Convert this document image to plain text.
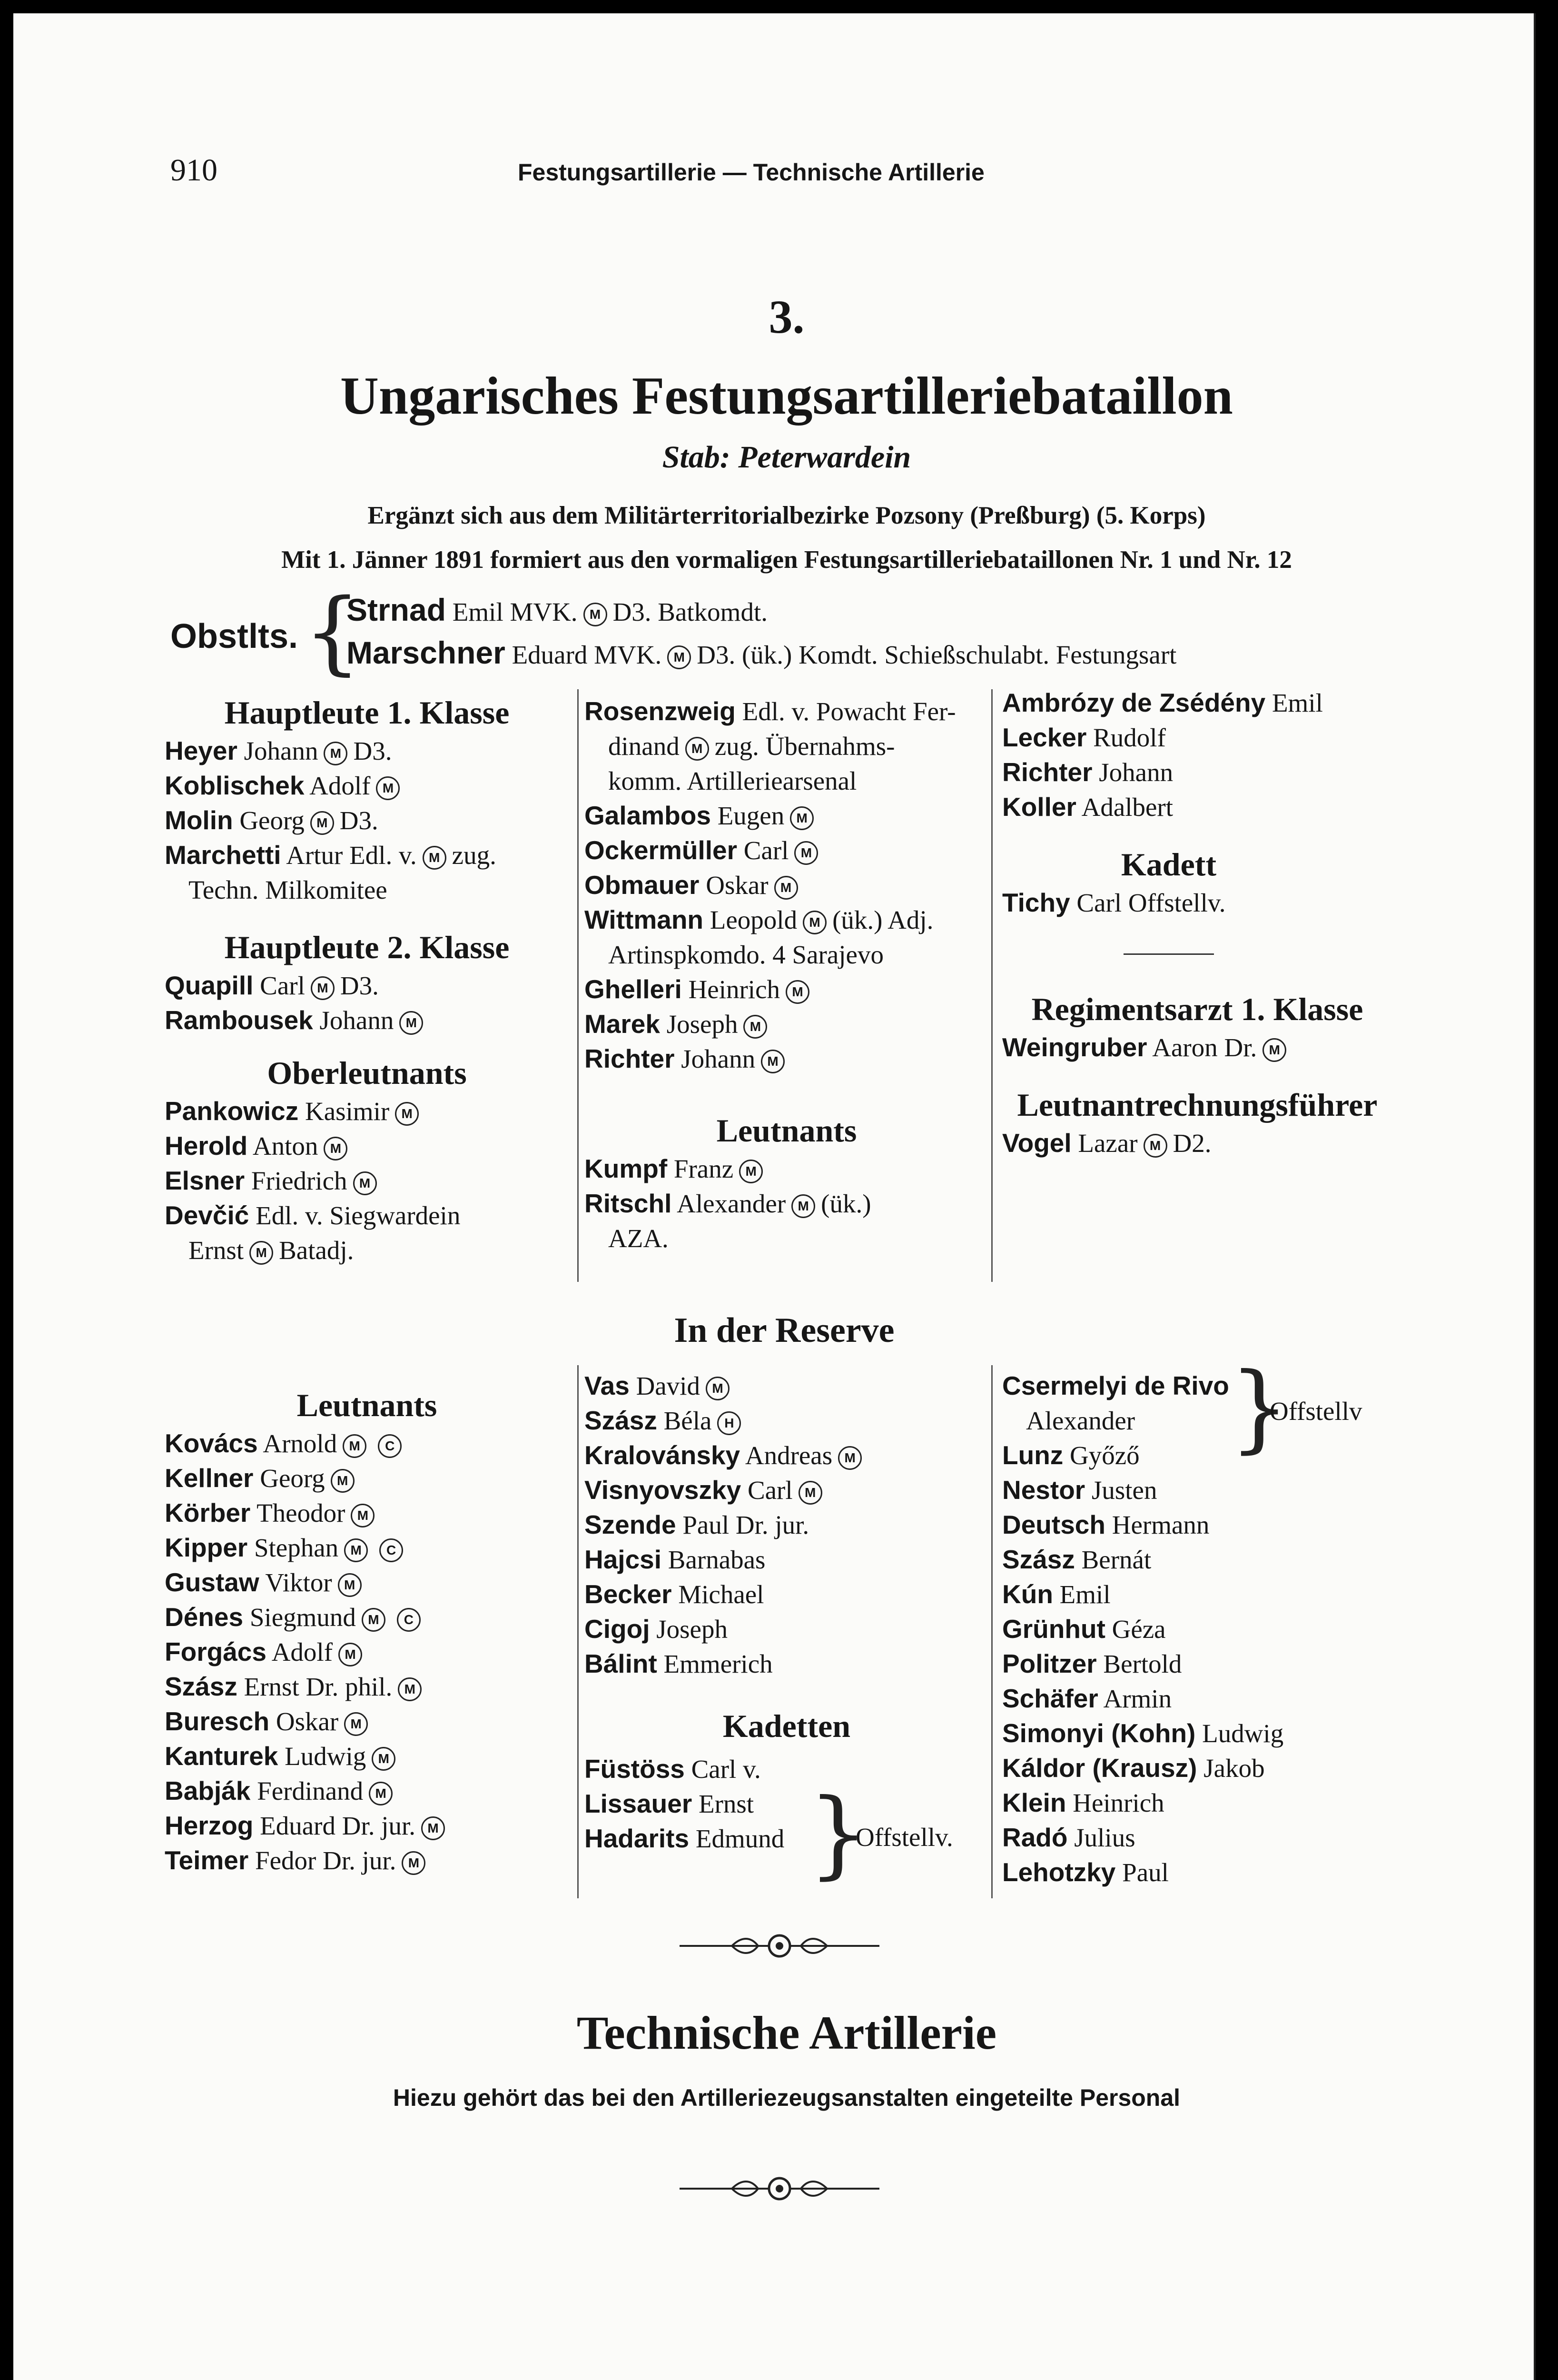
910	Festungsartillerie — Technische Artillerie
3.
Ungarisches Festungsartilleriebataillon
Stab: Peterwardein
Ergänzt sich aus dem Militärterritorialbezirke Pozsony (Preßburg) (5. Korps)
Mit 1. Jänner 1891 formiert aus den vormaligen Festungsartilleriebataillonen Nr. 1 und Nr. 12
Obstlts. {
Strnad Emil MVK. M D3. Batkomdt.
Marschner Eduard MVK. M D3. (ük.) Komdt. Schießschulabt. Festungsart
Hauptleute 1. Klasse
Heyer Johann M D3.
Koblischek Adolf M
Molin Georg M D3.
Marchetti Artur Edl. v. M zug.
Techn. Milkomitee
Hauptleute 2. Klasse
Quapill Carl M D3.
Rambousek Johann M
Oberleutnants
Pankowicz Kasimir M
Herold Anton M
Elsner Friedrich M
Devčić Edl. v. Siegwardein
Ernst M Batadj.
Rosenzweig Edl. v. Powacht Fer-
dinand M zug. Übernahms-
komm. Artilleriearsenal
Galambos Eugen M
Ockermüller Carl M
Obmauer Oskar M
Wittmann Leopold M (ük.) Adj.
Artinspkomdo. 4 Sarajevo
Ghelleri Heinrich M
Marek Joseph M
Richter Johann M
Leutnants
Kumpf Franz M
Ritschl Alexander M (ük.)
AZA.
Ambrózy de Zsédény Emil
Lecker Rudolf
Richter Johann
Koller Adalbert
Kadett
Tichy Carl Offstellv.
Regimentsarzt 1. Klasse
Weingruber Aaron Dr. M
Leutnantrechnungsführer
Vogel Lazar M D2.
In der Reserve
Leutnants
Kovács Arnold M C
Kellner Georg M
Körber Theodor M
Kipper Stephan M C
Gustaw Viktor M
Dénes Siegmund M C
Forgács Adolf M
Szász Ernst Dr. phil. M
Buresch Oskar M
Kanturek Ludwig M
Babják Ferdinand M
Herzog Eduard Dr. jur. M
Teimer Fedor Dr. jur. M
Vas David M
Szász Béla H
Kralovánsky Andreas M
Visnyovszky Carl M
Szende Paul Dr. jur.
Hajcsi Barnabas
Becker Michael
Cigoj Joseph
Bálint Emmerich
Kadetten
Füstöss Carl v.
Lissauer Ernst
Hadarits Edmund }
Offstellv.
Csermelyi de Rivo
Alexander
Lunz Győző
Nestor Justen
Deutsch Hermann
Szász Bernát
Kún Emil
Grünhut Géza
Politzer Bertold
Schäfer Armin
Simonyi (Kohn) Ludwig
Káldor (Krausz) Jakob
Klein Heinrich
Radó Julius
Lehotzky Paul
}
Offstellv
Technische Artillerie
Hiezu gehört das bei den Artilleriezeugsanstalten eingeteilte Personal
